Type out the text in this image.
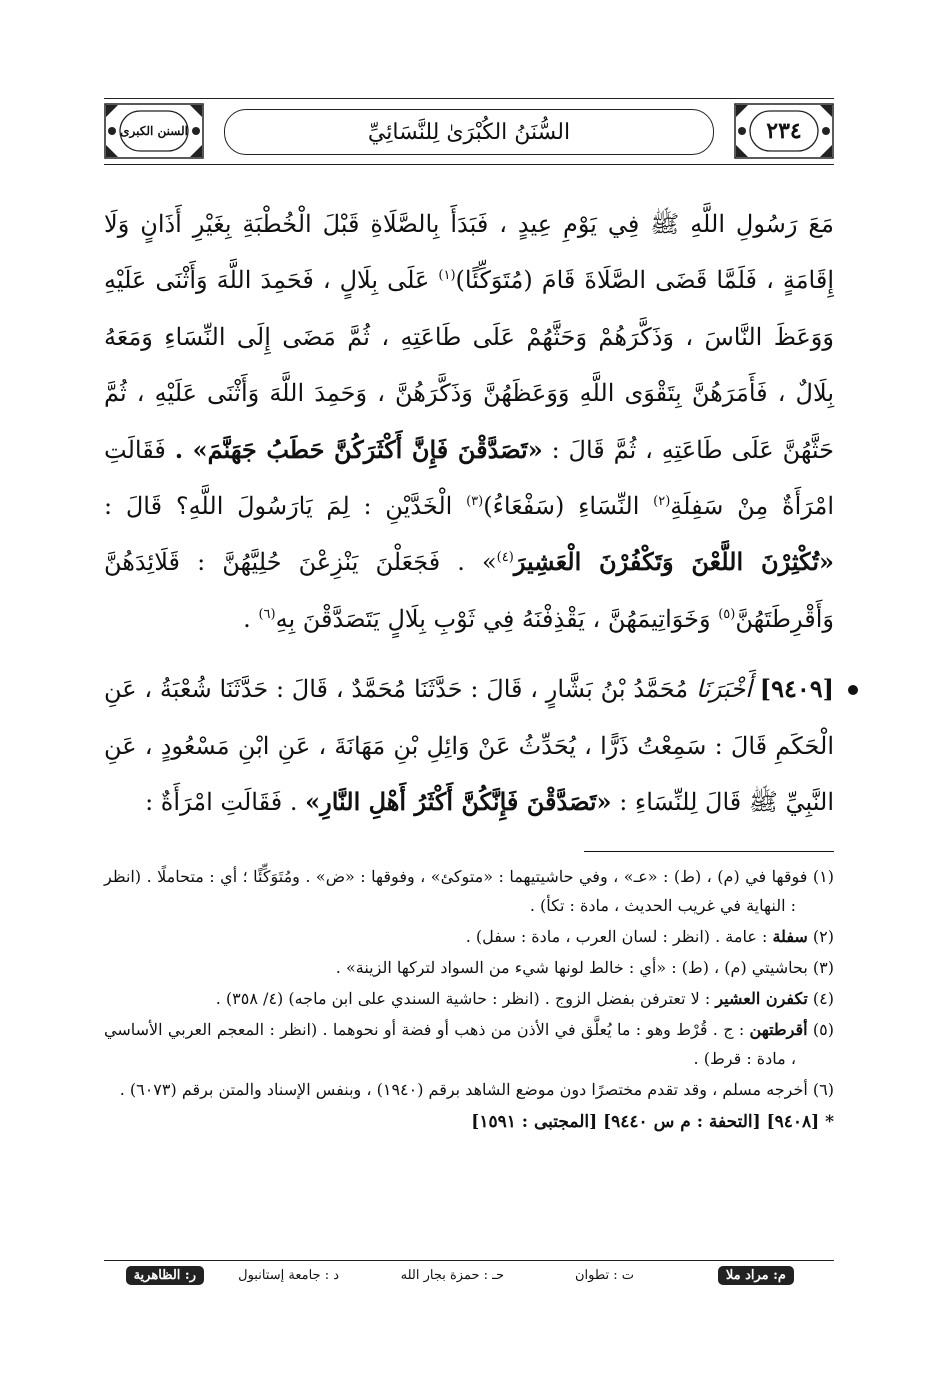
٢٣٤
السُّنَنُ الكُبْرَىٰ لِلنَّسَائِيِّ
السنن الكبرى

مَعَ رَسُولِ اللَّهِ ﷺ فِي يَوْمِ عِيدٍ ، فَبَدَأَ بِالصَّلَاةِ قَبْلَ الْخُطْبَةِ بِغَيْرِ أَذَانٍ وَلَا إِقَامَةٍ ، فَلَمَّا قَضَى الصَّلَاةَ قَامَ (مُتَوَكِّئًا)$^{(١)}$ عَلَى بِلَالٍ ، فَحَمِدَ اللَّهَ وَأَثْنَى عَلَيْهِ وَوَعَظَ النَّاسَ ، وَذَكَّرَهُمْ وَحَثَّهُمْ عَلَى طَاعَتِهِ ، ثُمَّ مَضَى إِلَى النِّسَاءِ وَمَعَهُ بِلَالٌ ، فَأَمَرَهُنَّ بِتَقْوَى اللَّهِ وَوَعَظَهُنَّ وَذَكَّرَهُنَّ ، وَحَمِدَ اللَّهَ وَأَثْنَى عَلَيْهِ ، ثُمَّ حَثَّهُنَّ عَلَى طَاعَتِهِ ، ثُمَّ قَالَ : «تَصَدَّقْنَ فَإِنَّ أَكْثَرَكُنَّ حَطَبُ جَهَنَّمَ» . فَقَالَتِ امْرَأَةٌ مِنْ سَفِلَةِ$^{(٢)}$ النِّسَاءِ (سَفْعَاءُ)$^{(٣)}$ الْخَدَّيْنِ : لِمَ يَارَسُولَ اللَّهِ؟ قَالَ : «تُكْثِرْنَ اللَّعْنَ وَتَكْفُرْنَ الْعَشِيرَ$^{(٤)}$» . فَجَعَلْنَ يَنْزِعْنَ حُلِيَّهُنَّ : قَلَائِدَهُنَّ وَأَقْرِطَتَهُنَّ$^{(٥)}$ وَخَوَاتِيمَهُنَّ ، يَقْذِفْنَهُ فِي ثَوْبِ بِلَالٍ يَتَصَدَّقْنَ بِهِ$^{(٦)}$ .

[٩٤٠٩] أَخْبَرَنَا مُحَمَّدُ بْنُ بَشَّارٍ ، قَالَ : حَدَّثَنَا مُحَمَّدٌ ، قَالَ : حَدَّثَنَا شُعْبَةُ ، عَنِ الْحَكَمِ قَالَ : سَمِعْتُ ذَرًّا ، يُحَدِّثُ عَنْ وَائِلِ بْنِ مَهَانَةَ ، عَنِ ابْنِ مَسْعُودٍ ، عَنِ النَّبِيِّ ﷺ قَالَ لِلنِّسَاءِ : «تَصَدَّقْنَ فَإِنَّكُنَّ أَكْثَرُ أَهْلِ النَّارِ» . فَقَالَتِ امْرَأَةٌ :

(١) فوقها في (م) ، (ط) : «عـ» ، وفي حاشيتيهما : «متوكئ» ، وفوقها : «ض» . ومُتَوَكِّئًا ؛ أي : متحاملًا . (انظر : النهاية في غريب الحديث ، مادة : تكأ) .

(٢) سفلة : عامة . (انظر : لسان العرب ، مادة : سفل) .

(٣) بحاشيتي (م) ، (ط) : «أي : خالط لونها شيء من السواد لتركها الزينة» .

(٤) تكفرن العشير : لا تعترفن بفضل الزوج . (انظر : حاشية السندي على ابن ماجه) (٤/ ٣٥٨) .

(٥) أقرطتهن : ج . قُرْط وهو : ما يُعلَّق في الأذن من ذهب أو فضة أو نحوهما . (انظر : المعجم العربي الأساسي ، مادة : قرط) .

(٦) أخرجه مسلم ، وقد تقدم مختصرًا دون موضع الشاهد برقم (١٩٤٠) ، وبنفس الإسناد والمتن برقم (٦٠٧٣) .

* [٩٤٠٨] [التحفة : م س ٩٤٤٠] [المجتبى : ١٥٩١]

م: مراد ملا
ت : تطوان
حـ : حمزة بجار الله
د : جامعة إستانبول
ر: الظاهرية
